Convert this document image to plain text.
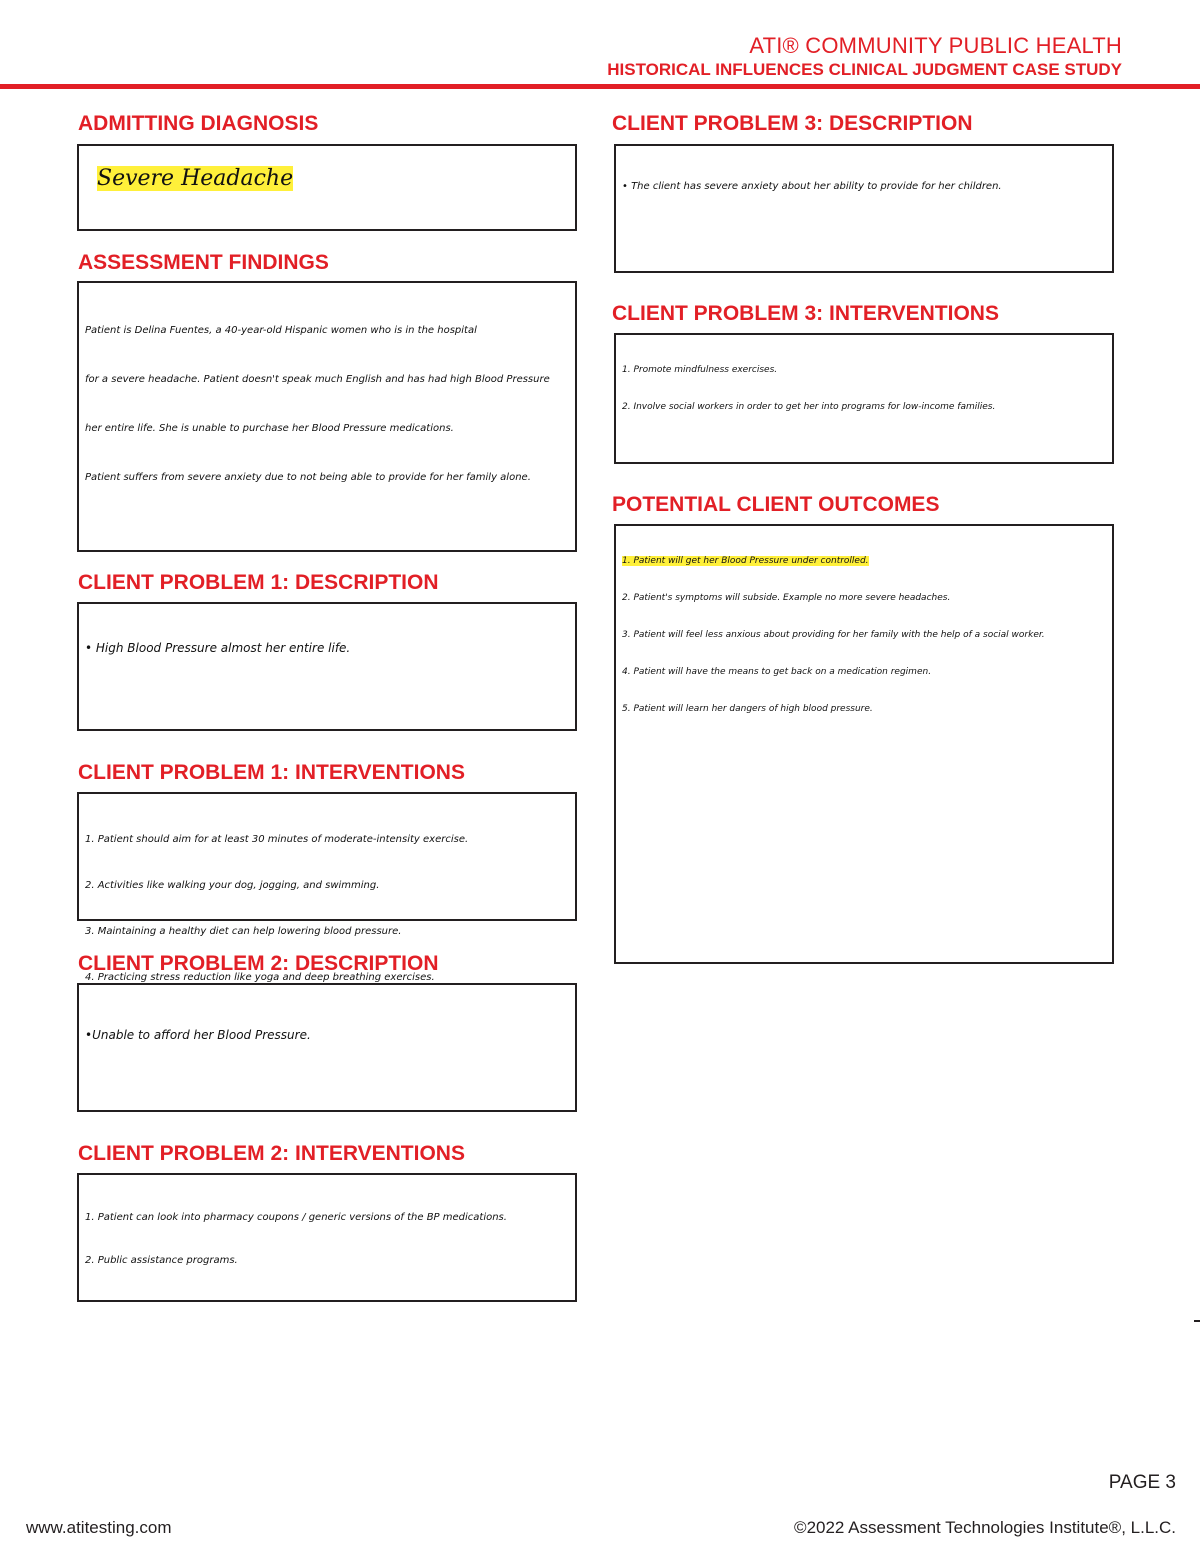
ATI® COMMUNITY PUBLIC HEALTH
HISTORICAL INFLUENCES CLINICAL JUDGMENT CASE STUDY
ADMITTING DIAGNOSIS
Severe Headache
ASSESSMENT FINDINGS

Patient is Delina Fuentes, a 40-year-old Hispanic women who is in the hospital

for a severe headache. Patient doesn't speak much English and has had high Blood Pressure

her entire life. She is unable to purchase her Blood Pressure medications.

Patient suffers from severe anxiety due to not being able to provide for her family alone.

CLIENT PROBLEM 1: DESCRIPTION

• High Blood Pressure almost her entire life.

CLIENT PROBLEM 1: INTERVENTIONS

1. Patient should aim for at least 30 minutes of moderate-intensity exercise.

2. Activities like walking your dog, jogging, and swimming.

3. Maintaining a healthy diet can help lowering blood pressure.

4. Practicing stress reduction like yoga and deep breathing exercises.

CLIENT PROBLEM 2: DESCRIPTION

•Unable to afford her Blood Pressure.

CLIENT PROBLEM 2: INTERVENTIONS

1. Patient can look into pharmacy coupons / generic versions of the BP medications.

2. Public assistance programs.

CLIENT PROBLEM 3: DESCRIPTION

• The client has severe anxiety about her ability to provide for her children.

CLIENT PROBLEM 3: INTERVENTIONS

1. Promote mindfulness exercises.

2. Involve social workers in order to get her into programs for low-income families.

POTENTIAL CLIENT OUTCOMES

1. Patient will get her Blood Pressure under controlled.

2. Patient's symptoms will subside. Example no more severe headaches.

3. Patient will feel less anxious about providing for her family with the help of a social worker.

4. Patient will have the means to get back on a medication regimen.

5. Patient will learn her dangers of high blood pressure.

PAGE 3
www.atitesting.com	©2022 Assessment Technologies Institute®, L.L.C.
